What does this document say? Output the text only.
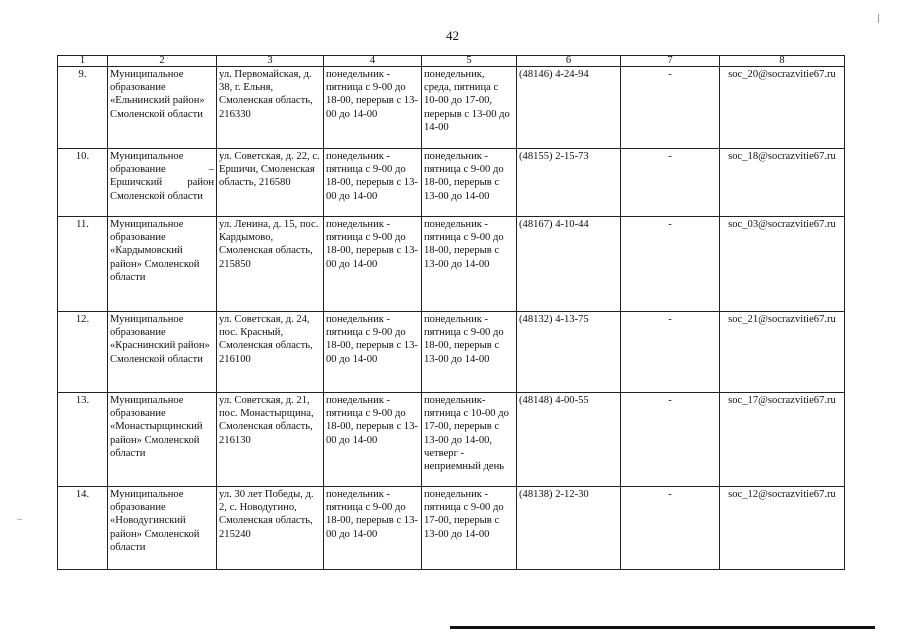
42
1	2	3	4	5	6	7	8
9.	Муниципальное образование «Ельнинский район» Смоленской области	ул. Первомайская, д. 38, г. Ельня, Смоленская область, 216330	понедельник - пятница с 9-00 до 18-00, перерыв с 13-00 до 14-00	понедельник, среда, пятница с 10-00 до 17-00, перерыв с 13-00 до 14-00	(48146) 4-24-94	-	soc_20@socrazvitie67.ru
10.	Муниципальное образование – Ершичский район Смоленской области	ул. Советская, д. 22, с. Ершичи, Смоленская область, 216580	понедельник - пятница с 9-00 до 18-00, перерыв с 13-00 до 14-00	понедельник - пятница с 9-00 до 18-00, перерыв с 13-00 до 14-00	(48155) 2-15-73	-	soc_18@socrazvitie67.ru
11.	Муниципальное образование «Кардымовский район» Смоленской области	ул. Ленина, д. 15, пос. Кардымово, Смоленская область, 215850	понедельник - пятница с 9-00 до 18-00, перерыв с 13-00 до 14-00	понедельник - пятница с 9-00 до 18-00, перерыв с 13-00 до 14-00	(48167) 4-10-44	-	soc_03@socrazvitie67.ru
12.	Муниципальное образование «Краснинский район» Смоленской области	ул. Советская, д. 24, пос. Красный, Смоленская область, 216100	понедельник - пятница с 9-00 до 18-00, перерыв с 13-00 до 14-00	понедельник - пятница с 9-00 до 18-00, перерыв с 13-00 до 14-00	(48132) 4-13-75	-	soc_21@socrazvitie67.ru
13.	Муниципальное образование «Монастырщинский район» Смоленской области	ул. Советская, д. 21, пос. Монастырщина, Смоленская область, 216130	понедельник - пятница с 9-00 до 18-00, перерыв с 13-00 до 14-00	понедельник-пятница с 10-00 до 17-00, перерыв с 13-00 до 14-00, четверг - неприемный день	(48148) 4-00-55	-	soc_17@socrazvitie67.ru
14.	Муниципальное образование «Новодугинский район» Смоленской области	ул. 30 лет Победы, д. 2, с. Новодугино, Смоленская область, 215240	понедельник - пятница с 9-00 до 18-00, перерыв с 13-00 до 14-00	понедельник - пятница с 9-00 до 17-00, перерыв с 13-00 до 14-00	(48138) 2-12-30	-	soc_12@socrazvitie67.ru
